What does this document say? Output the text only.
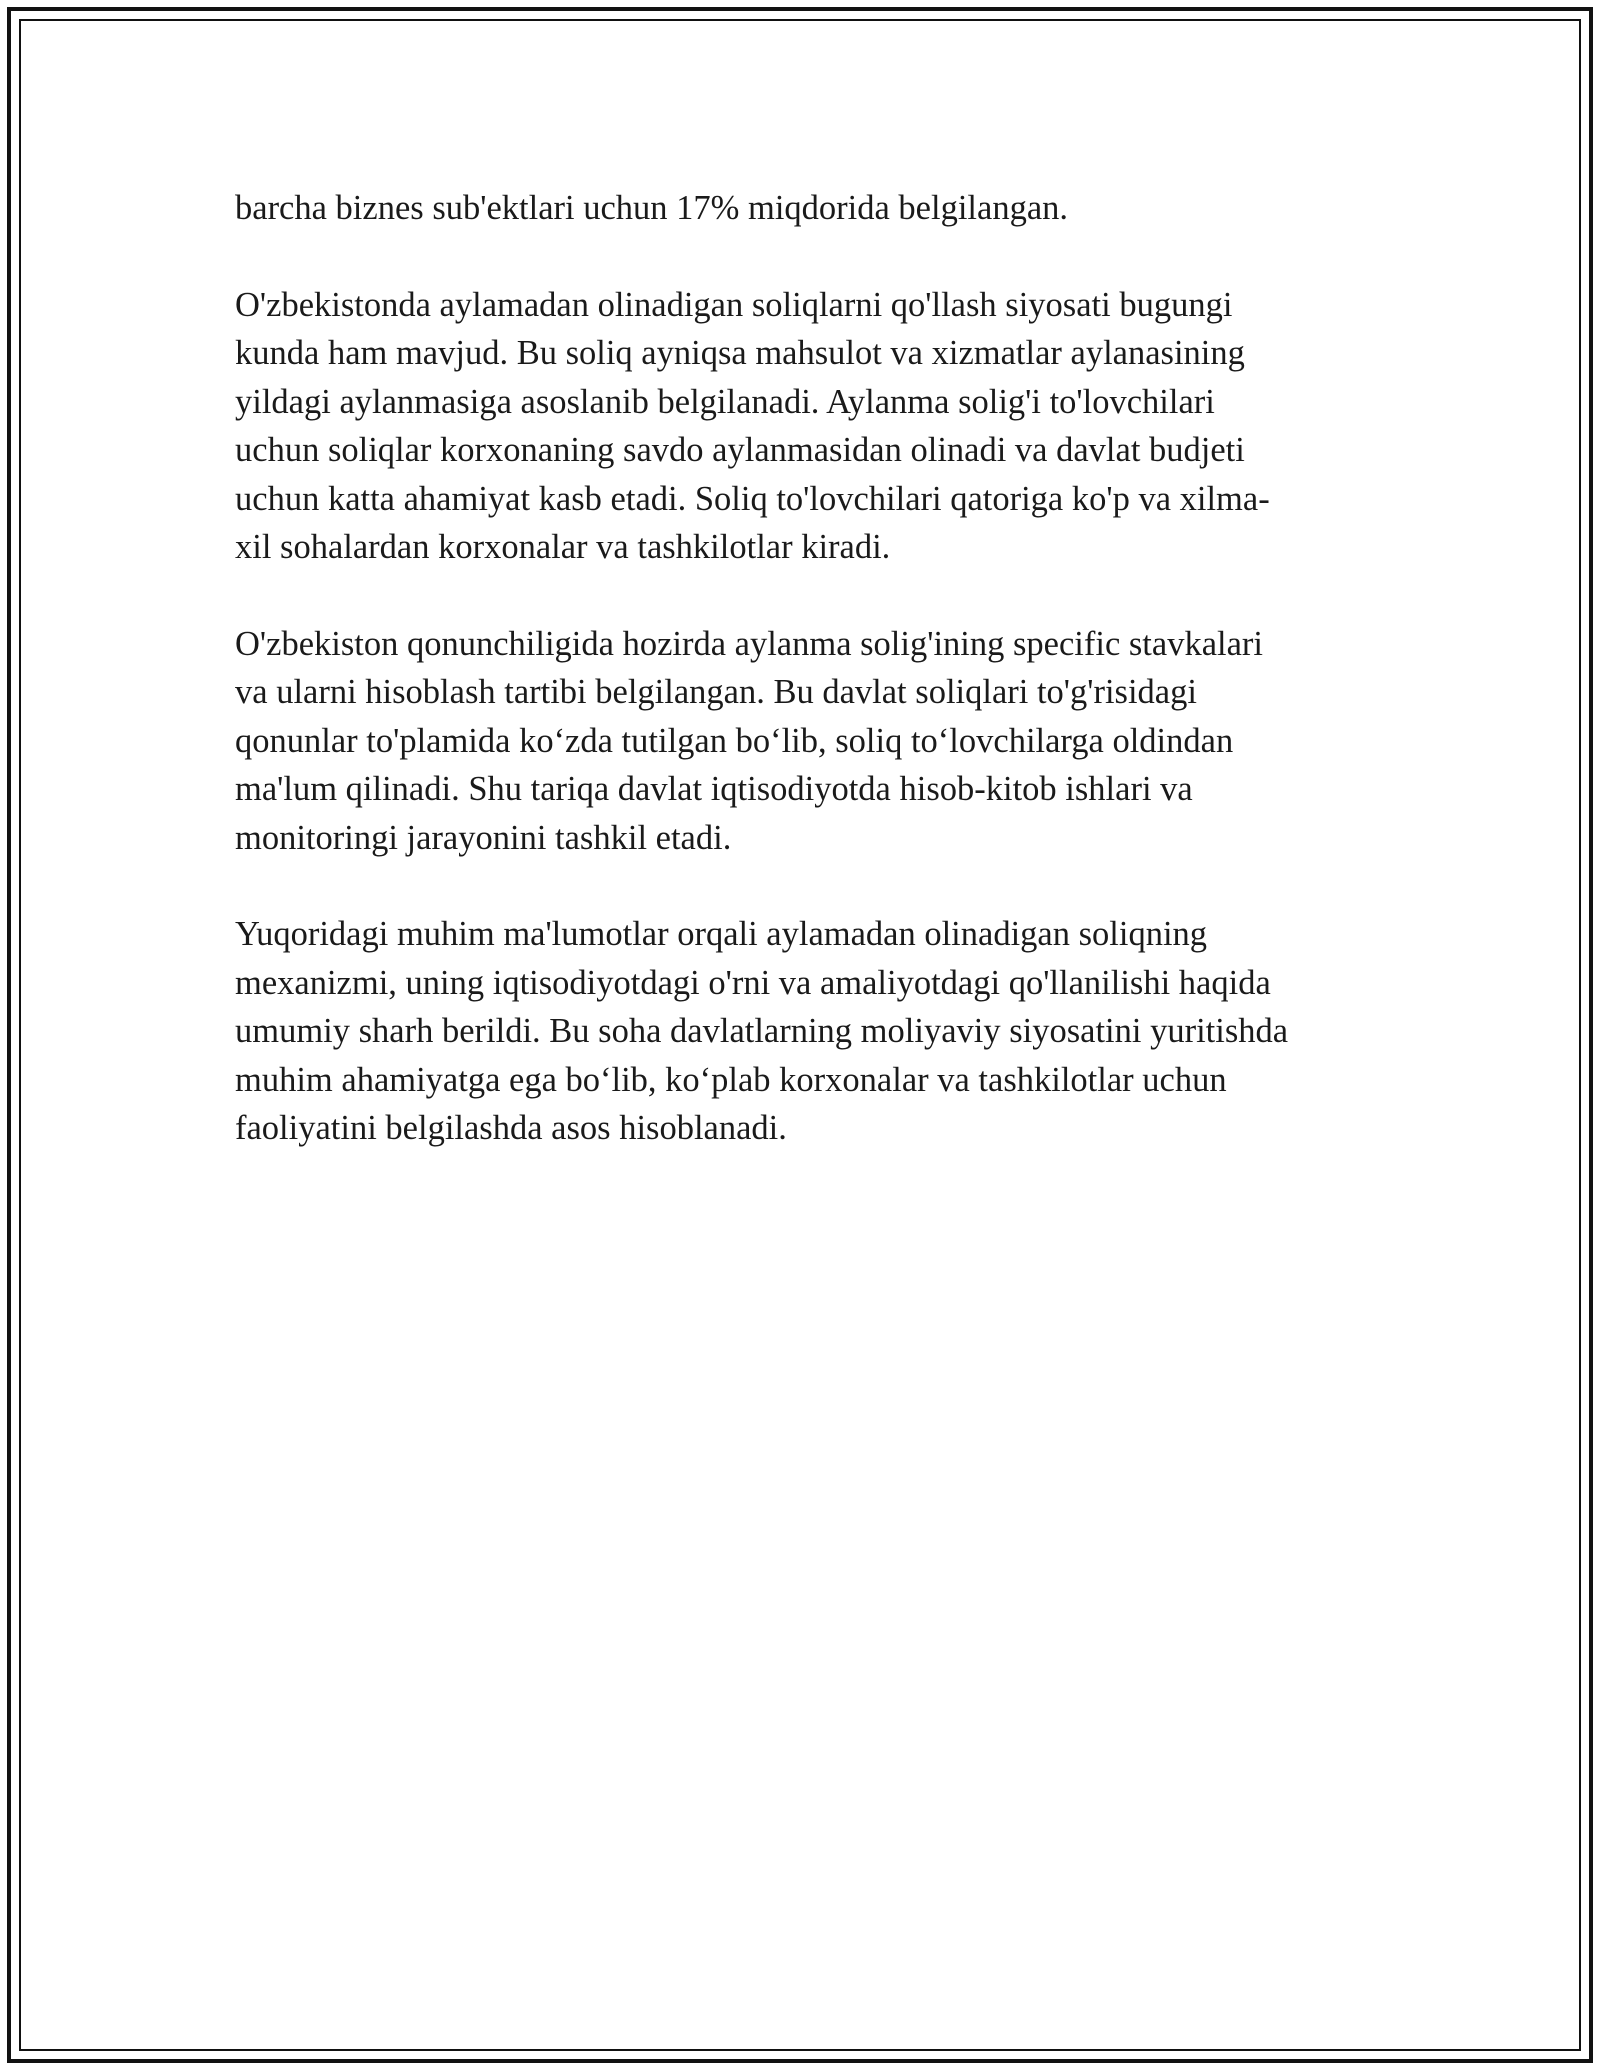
barcha biznes sub'ektlari uchun 17% miqdorida belgilangan.

O'zbekistonda aylamadan olinadigan soliqlarni qo'llash siyosati bugungi
kunda ham mavjud. Bu soliq ayniqsa mahsulot va xizmatlar aylanasining
yildagi aylanmasiga asoslanib belgilanadi. Aylanma solig'i to'lovchilari
uchun soliqlar korxonaning savdo aylanmasidan olinadi va davlat budjeti
uchun katta ahamiyat kasb etadi. Soliq to'lovchilari qatoriga ko'p va xilma-
xil sohalardan korxonalar va tashkilotlar kiradi.

O'zbekiston qonunchiligida hozirda aylanma solig'ining specific stavkalari
va ularni hisoblash tartibi belgilangan. Bu davlat soliqlari to'g'risidagi
qonunlar to'plamida koʻzda tutilgan boʻlib, soliq toʻlovchilarga oldindan
ma'lum qilinadi. Shu tariqa davlat iqtisodiyotda hisob-kitob ishlari va
monitoringi jarayonini tashkil etadi.

Yuqoridagi muhim ma'lumotlar orqali aylamadan olinadigan soliqning
mexanizmi, uning iqtisodiyotdagi o'rni va amaliyotdagi qo'llanilishi haqida
umumiy sharh berildi. Bu soha davlatlarning moliyaviy siyosatini yuritishda
muhim ahamiyatga ega boʻlib, koʻplab korxonalar va tashkilotlar uchun
faoliyatini belgilashda asos hisoblanadi.
